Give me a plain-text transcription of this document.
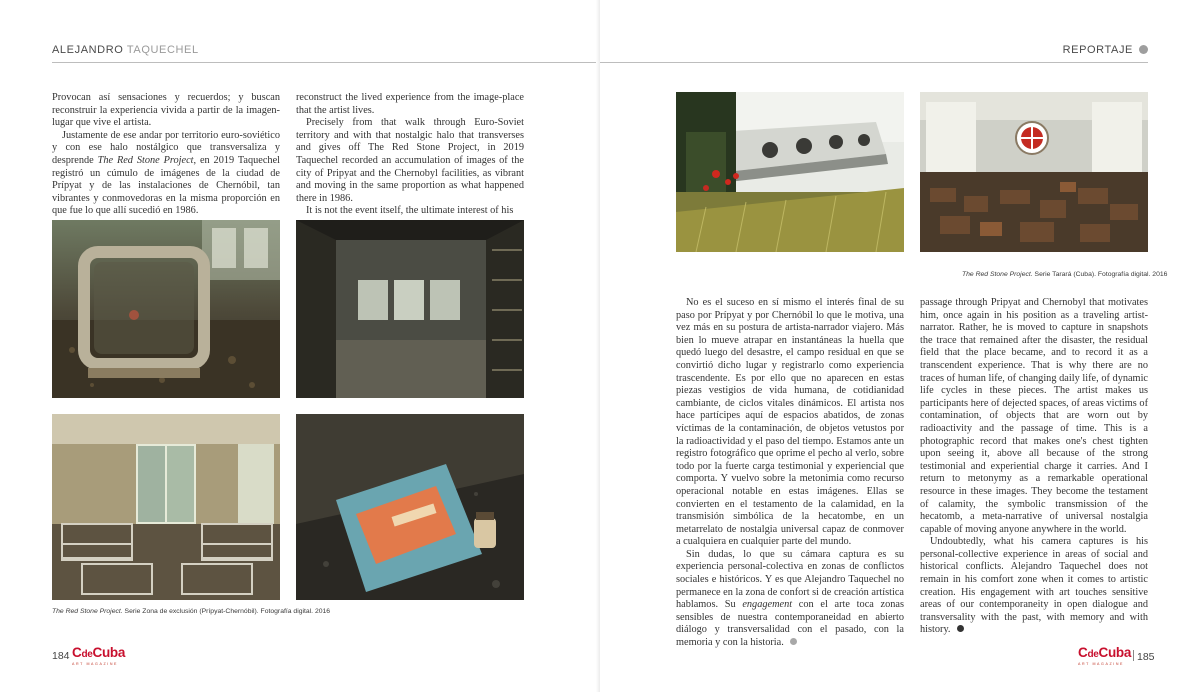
ALEJANDRO TAQUECHEL

Provocan así sensaciones y recuerdos; y buscan reconstruir la experiencia vivida a partir de la imagen-lugar que vive el artista.

Justamente de ese andar por territorio euro-soviético y con ese halo nostálgico que transversaliza y desprende The Red Stone Project, en 2019 Taquechel registró un cúmulo de imágenes de la ciudad de Prípyat y de las instalaciones de Chernóbil, tan vibrantes y conmovedoras en la misma proporción en que fue lo que allí sucedió en 1986.

reconstruct the lived experience from the image-place that the artist lives.

Precisely from that walk through Euro-Soviet territory and with that nostalgic halo that transverses and gives off The Red Stone Project, in 2019 Taquechel recorded an accumulation of images of the city of Pripyat and the Chernobyl facilities, as vibrant and moving in the same proportion as what happened there in 1986.

It is not the event itself, the ultimate interest of his

The Red Stone Project. Serie Zona de exclusión (Prípyat-Chernóbil). Fotografía digital. 2016
184 CdeCuba
ART MAGAZINE
REPORTAJE
The Red Stone Project. Serie Tarará (Cuba). Fotografía digital. 2016

No es el suceso en sí mismo el interés final de su paso por Prípyat y por Chernóbil lo que le motiva, una vez más en su postura de artista-narrador viajero. Más bien lo mueve atrapar en instantáneas la huella que quedó luego del desastre, el campo residual en que se convirtió dicho lugar y registrarlo como experiencia trascendente. Es por ello que no aparecen en estas piezas vestigios de vida humana, de cotidianidad cambiante, de ciclos vitales dinámicos. El artista nos hace partícipes aquí de espacios abatidos, de zonas víctimas de la contaminación, de objetos vetustos por la radioactividad y el paso del tiempo. Estamos ante un registro fotográfico que oprime el pecho al verlo, sobre todo por la fuerte carga testimonial y experiencial que comporta. Y vuelvo sobre la metonimia como recurso operacional notable en estas imágenes. Ellas se convierten en el testamento de la calamidad, en la transmisión simbólica de la hecatombe, en un metarrelato de nostalgia universal capaz de conmover a cualquiera en cualquier parte del mundo.

Sin dudas, lo que su cámara captura es su experiencia personal-colectiva en zonas de conflictos sociales e históricos. Y es que Alejandro Taquechel no permanece en la zona de confort si de creación artística hablamos. Su engagement con el arte toca zonas sensibles de nuestra contemporaneidad en abierto diálogo y transversalidad con el pasado, con la memoria y con la historia.

passage through Pripyat and Chernobyl that motivates him, once again in his position as a traveling artist-narrator. Rather, he is moved to capture in snapshots the trace that remained after the disaster, the residual field that the place became, and to record it as a transcendent experience. That is why there are no traces of human life, of changing daily life, of dynamic life cycles in these pieces. The artist makes us participants here of dejected spaces, of areas victims of contamination, of objects that are worn out by radioactivity and the passage of time. This is a photographic record that makes one's chest tighten upon seeing it, above all because of the strong testimonial and experiential charge it carries. And I return to metonymy as a remarkable operational resource in these images. They become the testament of calamity, the symbolic transmission of the hecatomb, a meta-narrative of universal nostalgia capable of moving anyone anywhere in the world.

Undoubtedly, what his camera captures is his personal-collective experience in areas of social and historical conflicts. Alejandro Taquechel does not remain in his comfort zone when it comes to artistic creation. His engagement with art touches sensitive areas of our contemporaneity in open dialogue and transversality with the past, with memory and with history.

CdeCuba
ART MAGAZINE
185
